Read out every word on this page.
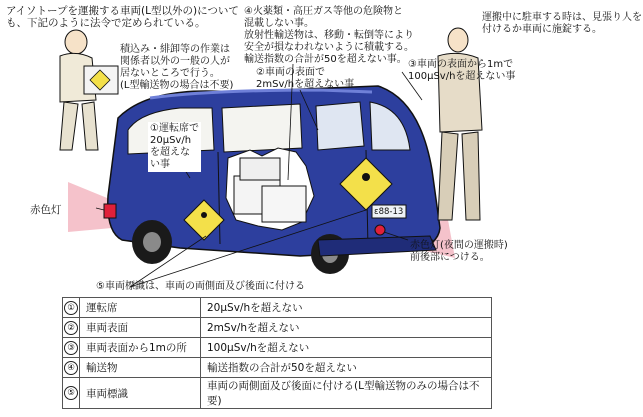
アイソトープを運搬する車両(L型以外の)について
も、下記のように法令で定められている。
積込み・緋卸等の作業は
関係者以外の一般の人が
居ないところで行う。
(L型輸送物の場合は不要)
④火薬類・高圧ガス等他の危険物と
混載しない事。
放射性輸送物は、移動・転倒等により
安全が損なわれないように積載する。
輸送指数の合計が50を超えない事。
運搬中に駐車する時は、見張り人を
付けるか車両に施錠する。
②車両の表面で
2mSv/hを超えない事
③車両の表面から1mで
100μSv/hを超えない事
①運転席で
20μSv/h
を超えな
い事
赤色灯
赤色灯(夜間の運搬時)
前後部につける。
ε88-13
⑤車両標識は、車両の両側面及び後面に付ける
①	運転席	20μSv/hを超えない
②	車両表面	2mSv/hを超えない
③	車両表面から1mの所	100μSv/hを超えない
④	輸送物	輸送指数の合計が50を超えない
⑤	車両標識	車両の両側面及び後面に付ける(L型輸送物のみの場合は不要)
